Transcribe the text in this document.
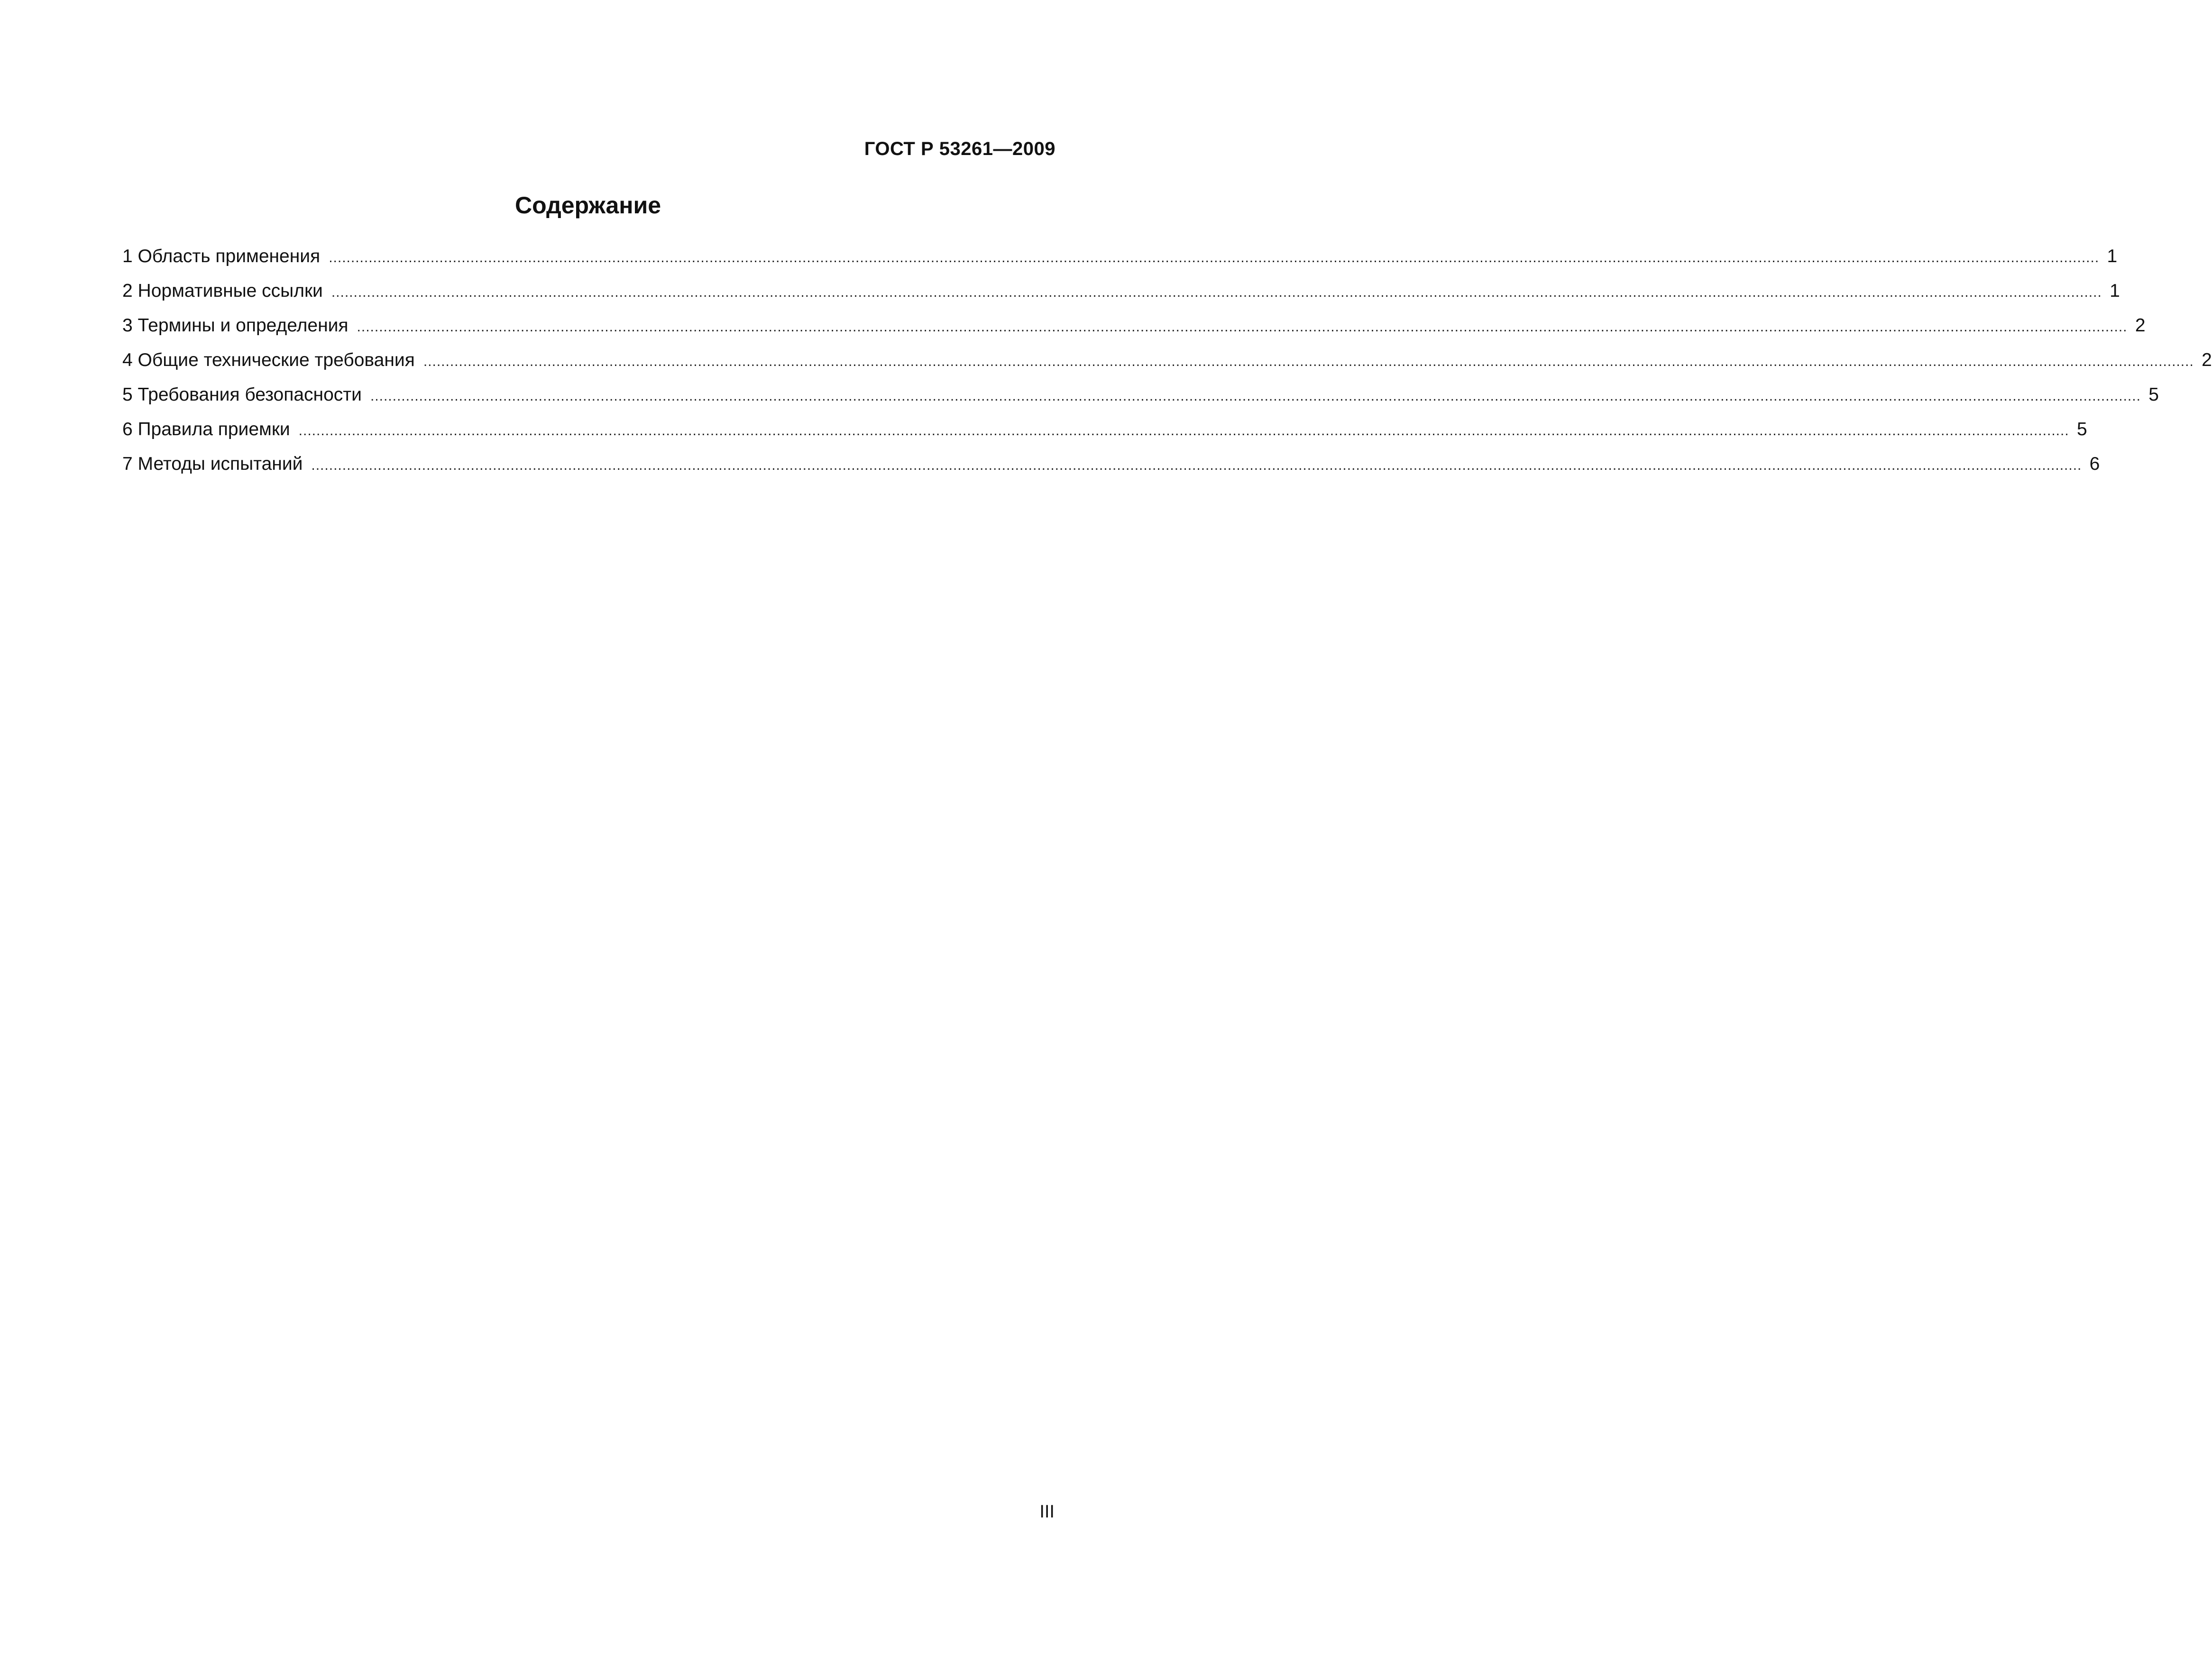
ГОСТ Р 53261—2009
Содержание
1 Область применения ................................................................................................................................................................................................................................................................................................................................................................................................................ 1
2 Нормативные ссылки ................................................................................................................................................................................................................................................................................................................................................................................................................ 1
3 Термины и определения ................................................................................................................................................................................................................................................................................................................................................................................................................ 2
4 Общие технические требования ................................................................................................................................................................................................................................................................................................................................................................................................................ 2
5 Требования безопасности ................................................................................................................................................................................................................................................................................................................................................................................................................ 5
6 Правила приемки ................................................................................................................................................................................................................................................................................................................................................................................................................ 5
7 Методы испытаний ................................................................................................................................................................................................................................................................................................................................................................................................................ 6
III
